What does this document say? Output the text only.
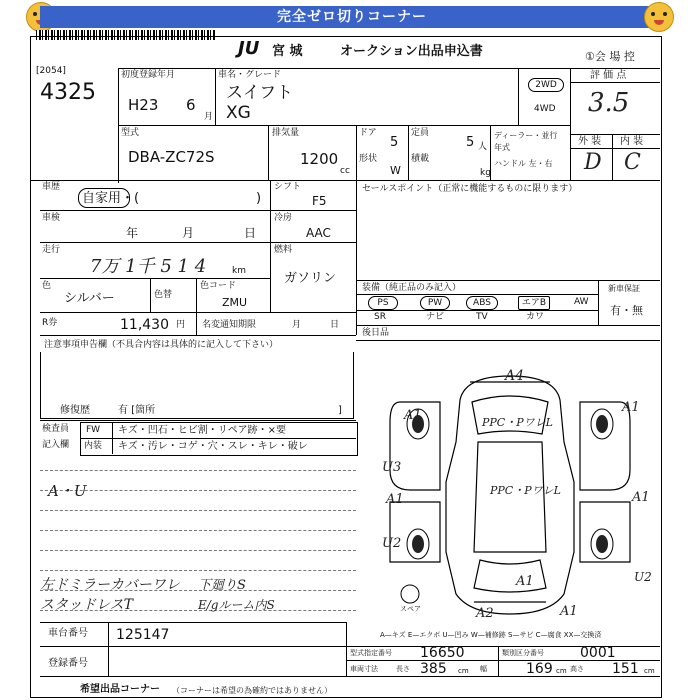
完全ゼロ切りコーナー
JU 宮 城	オークション出品申込書	①会 場 控
[2054]
4325
初度登録年月
H23 6
月
車名・グレード
スイフト
XG
2WD
4WD
型式
DBA-ZC72S
排気量
1200
cc
ドア
5
形状
W
定員
5 人
積載
kg
ディーラー・並行
年式
ハンドル 左・右
評 価 点
3.5
外 装 内 装
D C
車歴
自家用・(	)
シフト
F5
車検
年	月	日
冷房
AAC
走行
7万 1千 5 1 4	km
燃料
ガソリン
色
シルバー	色替
色コード
ZMU
R券	11,430 円 名変通知期限	月	日
セールスポイント（正常に機能するものに限ります）
装備（純正品のみ記入）	新車保証
有・無
PS	PW	ABS	エアB	AW
SR	ナビ	TV	カワ
後日品
注意事項申告欄（不具合内容は具体的に記入して下さい）
修復歴	有 [箇所	]
検査員
記入欄
FW キズ・凹石・ヒビ割・リペア跡・×要
内装 キズ・汚レ・コゲ・穴・スレ・キレ・破レ
A・U
左ドミラーカバーワレ
スタッドレスT
下廻りS
E/gルーム内S
A4
A1
A1
PPC・PワレL
U3
A1
PPC・PワレL	A1
U2
U2
A1
A2	A1
スペア
A—キズ E—エクボ U—凹み W—補修跡 S—サビ C—腐食 XX—交換済
車台番号 125147
登録番号
型式指定番号 16650	類別区分番号	0001
車両寸法	長さ 385 cm 幅	169 cm 高さ 151 cm
希望出品コーナー （コーナーは希望の為確約ではありません）
